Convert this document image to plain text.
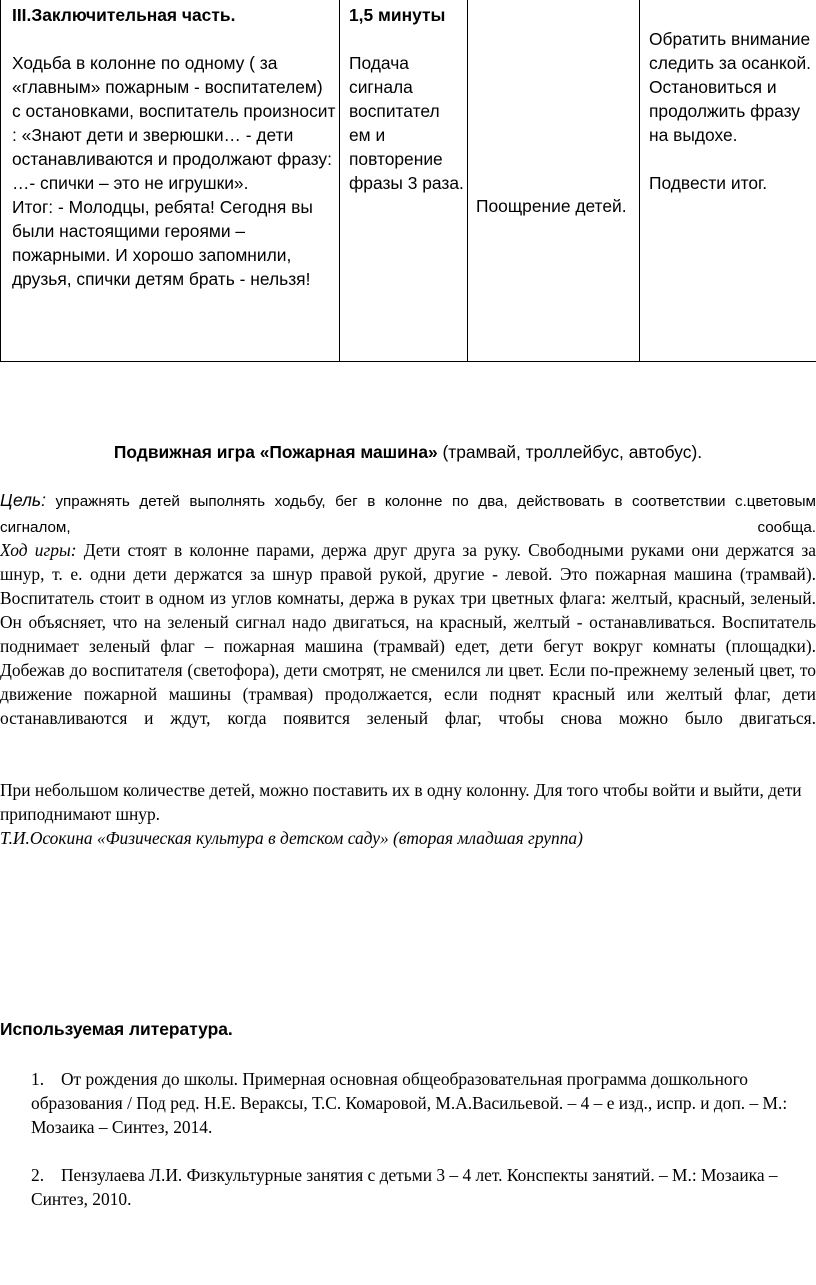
III.Заключительная часть.
Ходьба в колонне по одному ( за «главным» пожарным - воспитателем) с остановками, воспитатель произносит : «Знают дети и зверюшки… - дети останавливаются и продолжают фразу: …- спички – это не игрушки».
Итог: - Молодцы, ребята! Сегодня вы были настоящими героями – пожарными. И хорошо запомнили, друзья, спички детям брать - нельзя!
1,5 минуты
Подача сигнала воспитател ем и повторение фразы 3 раза.
Поощрение детей.
Обратить внимание следить за осанкой. Остановиться и продолжить фразу на выдохе.
Подвести итог.
Подвижная игра «Пожарная машина» (трамвай, троллейбус, автобус).
Цель: упражнять детей выполнять ходьбу, бег в колонне по два, действовать в соответствии с.цветовым сигналом, сообща.
Ход игры: Дети стоят в колонне парами, держа друг друга за руку. Свободными руками они держатся за шнур, т. е. одни дети держатся за шнур правой рукой, другие - левой. Это пожарная машина (трамвай). Воспитатель стоит в одном из углов комнаты, держа в руках три цветных флага: желтый, красный, зеленый. Он объясняет, что на зеленый сигнал надо двигаться, на красный, желтый - останавливаться. Воспитатель поднимает зеленый флаг – пожарная машина (трамвай) едет, дети бегут вокруг комнаты (площадки). Добежав до воспитателя (светофора), дети смотрят, не сменился ли цвет. Если по-прежнему зеленый цвет, то движение пожарной машины (трамвая) продолжается, если поднят красный или желтый флаг, дети останавливаются и ждут, когда появится зеленый флаг, чтобы снова можно было двигаться.
При небольшом количестве детей, можно поставить их в одну колонну. Для того чтобы войти и выйти, дети приподнимают шнур.
Т.И.Осокина «Физическая культура в детском саду» (вторая младшая группа)
Используемая литература.
1. От рождения до школы. Примерная основная общеобразовательная программа дошкольного образования / Под ред. Н.Е. Вераксы, Т.С. Комаровой, М.А.Васильевой. – 4 – е изд., испр. и доп. – М.: Мозаика – Синтез, 2014.
2. Пензулаева Л.И. Физкультурные занятия с детьми 3 – 4 лет. Конспекты занятий. – М.: Мозаика – Синтез, 2010.
